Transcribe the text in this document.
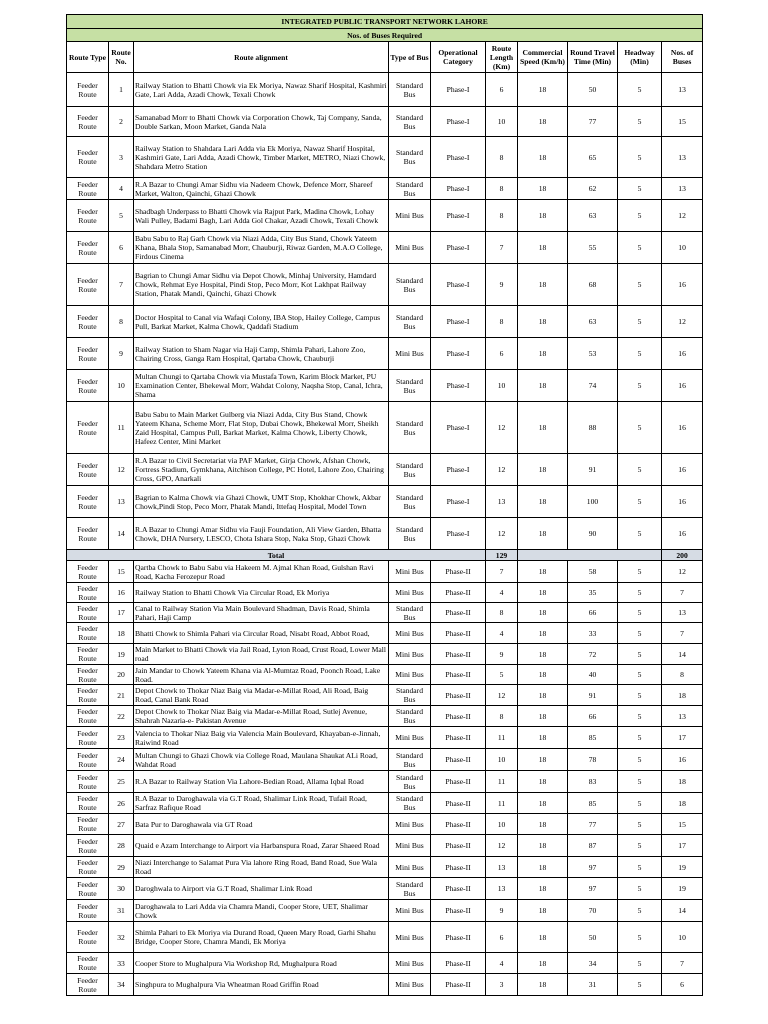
INTEGRATED PUBLIC TRANSPORT NETWORK LAHORE									
Nos. of Buses Required									
Route Type	Route No.	Route alignment	Type of Bus	Operational Category	Route Length (Km)	Commercial Speed (Km/h)	Round Travel Time (Min)	Headway (Min)	Nos. of Buses
Feeder Route	1	Railway Station to Bhatti Chowk via Ek Moriya, Nawaz Sharif Hospital, Kashmiri Gate, Lari Adda, Azadi Chowk, Texali Chowk	Standard Bus	Phase-I	6	18	50	5	13
Feeder Route	2	Samanabad Morr to Bhatti Chowk via Corporation Chowk, Taj Company, Sanda, Double Sarkan, Moon Market, Ganda Nala	Standard Bus	Phase-I	10	18	77	5	15
Feeder Route	3	Railway Station to Shahdara Lari Adda via Ek Moriya, Nawaz Sharif Hospital, Kashmiri Gate, Lari Adda, Azadi Chowk, Timber Market, METRO, Niazi Chowk, Shahdara Metro Station	Standard Bus	Phase-I	8	18	65	5	13
Feeder Route	4	R.A Bazar to Chungi Amar Sidhu via Nadeem Chowk, Defence Morr, Shareef Market, Walton, Qainchi, Ghazi Chowk	Standard Bus	Phase-I	8	18	62	5	13
Feeder Route	5	Shadbagh Underpass to Bhatti Chowk via Rajput Park, Madina Chowk, Lohay Wali Pulley, Badami Bagh, Lari Adda Gol Chakar, Azadi Chowk, Texali Chowk	Mini Bus	Phase-I	8	18	63	5	12
Feeder Route	6	Babu Sabu to Raj Garh Chowk via Niazi Adda, City Bus Stand, Chowk Yateem Khana, Bhala Stop, Samanabad Morr, Chauburji, Riwaz Garden, M.A.O College, Firdous Cinema	Mini Bus	Phase-I	7	18	55	5	10
Feeder Route	7	Bagrian to Chungi Amar Sidhu via Depot Chowk, Minhaj University, Hamdard Chowk, Rehmat Eye Hospital, Pindi Stop, Peco Morr, Kot Lakhpat Railway Station, Phatak Mandi, Qainchi, Ghazi Chowk	Standard Bus	Phase-I	9	18	68	5	16
Feeder Route	8	Doctor Hospital to Canal via Wafaqi Colony, IBA Stop, Hailey College, Campus Pull, Barkat Market, Kalma Chowk, Qaddafi Stadium	Standard Bus	Phase-I	8	18	63	5	12
Feeder Route	9	Railway Station to Sham Nagar via Haji Camp, Shimla Pahari, Lahore Zoo, Chairing Cross, Ganga Ram Hospital, Qartaba Chowk, Chauburji	Mini Bus	Phase-I	6	18	53	5	16
Feeder Route	10	Multan Chungi to Qartaba Chowk via Mustafa Town, Karim Block Market, PU Examination Center, Bhekewal Morr, Wahdat Colony, Naqsha Stop, Canal, Ichra, Shama	Standard Bus	Phase-I	10	18	74	5	16
Feeder Route	11	Babu Sabu to Main Market Gulberg via Niazi Adda, City Bus Stand, Chowk Yateem Khana, Scheme Morr, Flat Stop, Dubai Chowk, Bhekewal Morr, Sheikh Zaid Hospital, Campus Pull, Barkat Market, Kalma Chowk, Liberty Chowk, Hafeez Center, Mini Market	Standard Bus	Phase-I	12	18	88	5	16
Feeder Route	12	R.A Bazar to Civil Secretariat via PAF Market, Girja Chowk, Afshan Chowk, Fortress Stadium, Gymkhana, Aitchison College, PC Hotel, Lahore Zoo, Chairing Cross, GPO, Anarkali	Standard Bus	Phase-I	12	18	91	5	16
Feeder Route	13	Bagrian to Kalma Chowk via Ghazi Chowk, UMT Stop, Khokhar Chowk, Akbar Chowk,Pindi Stop, Peco Morr, Phatak Mandi, Ittefaq Hospital, Model Town	Standard Bus	Phase-I	13	18	100	5	16
Feeder Route	14	R.A Bazar to Chungi Amar Sidhu via Fauji Foundation, Ali View Garden, Bhatta Chowk, DHA Nursery, LESCO, Chota Ishara Stop, Naka Stop, Ghazi Chowk	Standard Bus	Phase-I	12	18	90	5	16
Total					129				200
Feeder Route	15	Qartba Chowk to Babu Sabu via Hakeem M. Ajmal Khan Road, Gulshan Ravi Road, Kacha Ferozepur Road	Mini Bus	Phase-II	7	18	58	5	12
Feeder Route	16	Railway Station to Bhatti Chowk Via Circular Road, Ek Moriya	Mini Bus	Phase-II	4	18	35	5	7
Feeder Route	17	Canal to Railway Station Via Main Boulevard Shadman, Davis Road, Shimla Pahari, Haji Camp	Standard Bus	Phase-II	8	18	66	5	13
Feeder Route	18	Bhatti Chowk to Shimla Pahari via Circular Road, Nisabt Road, Abbot Road,	Mini Bus	Phase-II	4	18	33	5	7
Feeder Route	19	Main Market to Bhatti Chowk via Jail Road, Lyton Road, Crust Road, Lower Mall road	Mini Bus	Phase-II	9	18	72	5	14
Feeder Route	20	Jain Mandar to Chowk Yateem Khana via Al-Mumtaz Road, Poonch Road, Lake Road.	Mini Bus	Phase-II	5	18	40	5	8
Feeder Route	21	Depot Chowk to Thokar Niaz Baig via Madar-e-Millat Road, Ali Road, Baig Road, Canal Bank Road	Standard Bus	Phase-II	12	18	91	5	18
Feeder Route	22	Depot Chowk to Thokar Niaz Baig via Madar-e-Millat Road, Sutlej Avenue, Shahrah Nazaria-e- Pakistan Avenue	Standard Bus	Phase-II	8	18	66	5	13
Feeder Route	23	Valencia to Thokar Niaz Baig via Valencia Main Boulevard, Khayaban-e-Jinnah, Raiwind Road	Mini Bus	Phase-II	11	18	85	5	17
Feeder Route	24	Multan Chungi to Ghazi Chowk via College Road, Maulana Shaukat ALi Road, Wahdat Road	Standard Bus	Phase-II	10	18	78	5	16
Feeder Route	25	R.A Bazar to Railway Station Via Lahore-Bedian Road, Allama Iqbal Road	Standard Bus	Phase-II	11	18	83	5	18
Feeder Route	26	R.A Bazar to Daroghawala via G.T Road, Shalimar Link Road, Tufail Road, Sarfraz Rafique Road	Standard Bus	Phase-II	11	18	85	5	18
Feeder Route	27	Bata Pur to Daroghawala via GT Road	Mini Bus	Phase-II	10	18	77	5	15
Feeder Route	28	Quaid e Azam Interchange to Airport via Harbanspura Road, Zarar Shaeed Road	Mini Bus	Phase-II	12	18	87	5	17
Feeder Route	29	Niazi Interchange to Salamat Pura Via lahore Ring Road, Band Road, Sue Wala Road	Mini Bus	Phase-II	13	18	97	5	19
Feeder Route	30	Daroghwala to Airport via G.T Road, Shalimar Link Road	Standard Bus	Phase-II	13	18	97	5	19
Feeder Route	31	Daroghawala to Lari Adda via Chamra Mandi, Cooper Store, UET, Shalimar Chowk	Mini Bus	Phase-II	9	18	70	5	14
Feeder Route	32	Shimla Pahari to Ek Moriya via Durand Road, Queen Mary Road, Garhi Shahu Bridge, Cooper Store, Chamra Mandi, Ek Moriya	Mini Bus	Phase-II	6	18	50	5	10
Feeder Route	33	Cooper Store to Mughalpura Via Workshop Rd, Mughalpura Road	Mini Bus	Phase-II	4	18	34	5	7
Feeder Route	34	Singhpura to Mughalpura Via Wheatman Road Griffin Road	Mini Bus	Phase-II	3	18	31	5	6
